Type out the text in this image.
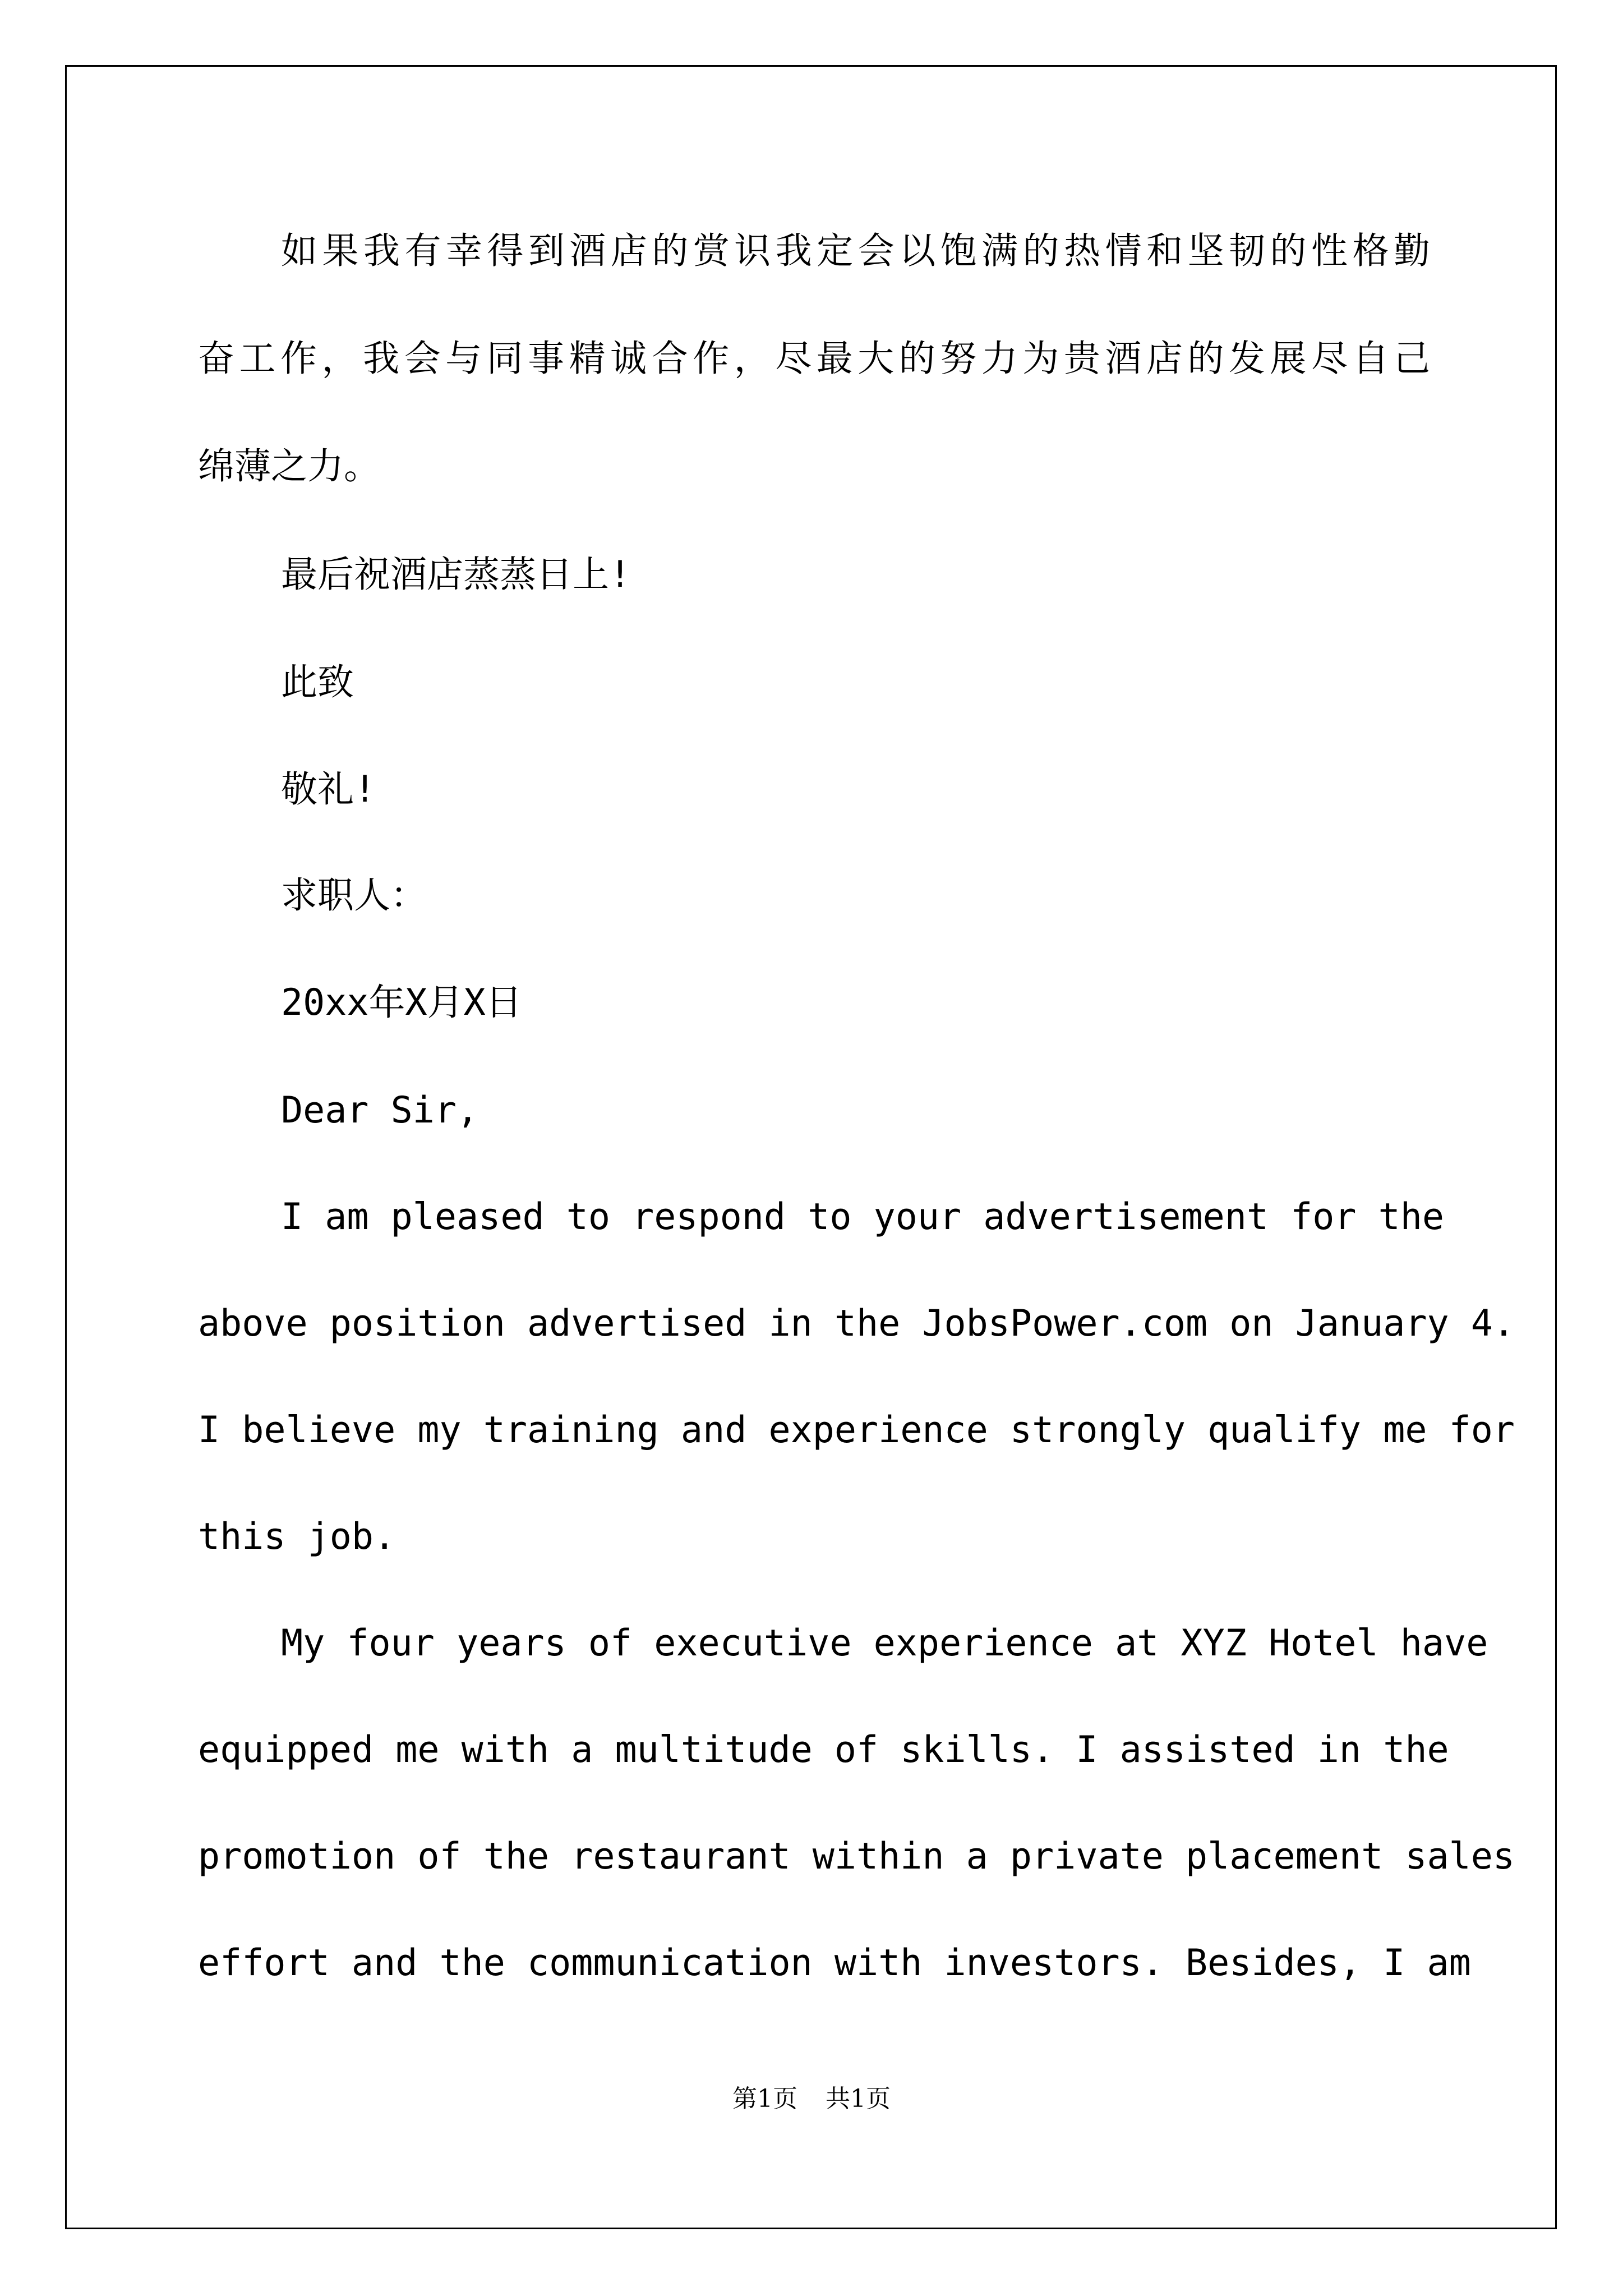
如果我有幸得到酒店的赏识我定会以饱满的热情和坚韧的性格勤
奋工作，我会与同事精诚合作，尽最大的努力为贵酒店的发展尽自己
绵薄之力。
最后祝酒店蒸蒸日上!
此致
敬礼!
求职人：
20xx年X月X日
Dear Sir,
I am pleased to respond to your advertisement for the
above position advertised in the JobsPower.com on January 4.
I believe my training and experience strongly qualify me for
this job.
My four years of executive experience at XYZ Hotel have
equipped me with a multitude of skills. I assisted in the
promotion of the restaurant within a private placement sales
effort and the communication with investors. Besides, I am
第1页 共1页
